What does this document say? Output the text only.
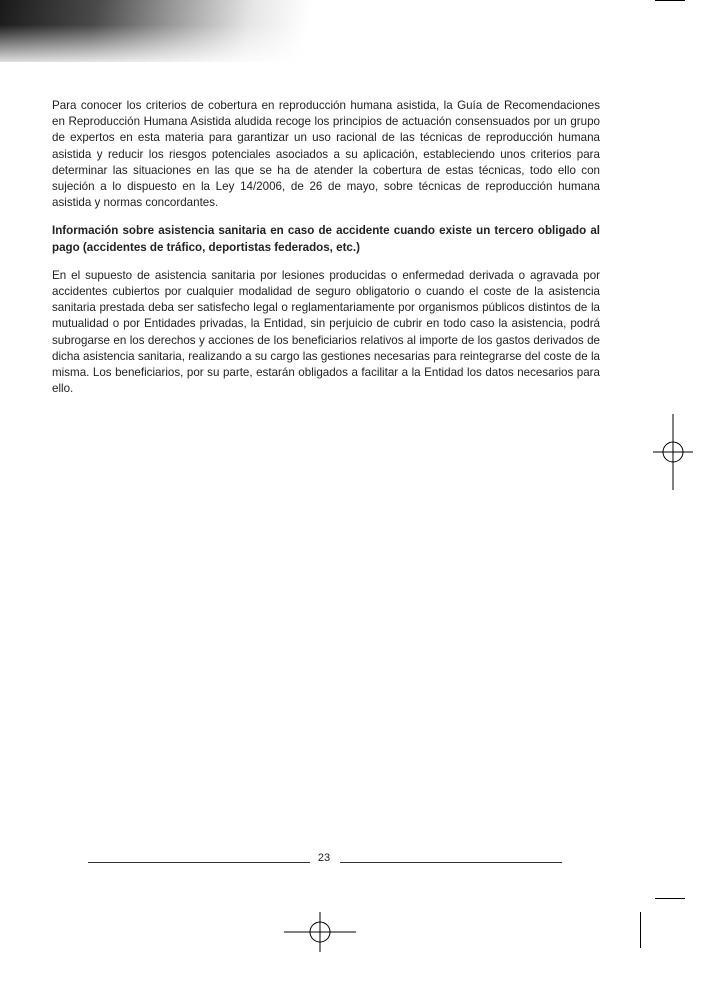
Para conocer los criterios de cobertura en reproducción humana asistida, la Guía de Recomendaciones en Reproducción Humana Asistida aludida recoge los principios de actuación consensuados por un grupo de expertos en esta materia para garantizar un uso racional de las técnicas de reproducción humana asistida y reducir los riesgos potenciales asociados a su aplicación, estableciendo unos criterios para determinar las situaciones en las que se ha de atender la cobertura de estas técnicas, todo ello con sujeción a lo dispuesto en la Ley 14/2006, de 26 de mayo, sobre técnicas de reproducción humana asistida y normas concordantes.

Información sobre asistencia sanitaria en caso de accidente cuando existe un tercero obligado al pago (accidentes de tráfico, deportistas federados, etc.)

En el supuesto de asistencia sanitaria por lesiones producidas o enfermedad derivada o agravada por accidentes cubiertos por cualquier modalidad de seguro obligatorio o cuando el coste de la asistencia sanitaria prestada deba ser satisfecho legal o reglamentariamente por organismos públicos distintos de la mutualidad o por Entidades privadas, la Entidad, sin perjuicio de cubrir en todo caso la asistencia, podrá subrogarse en los derechos y acciones de los beneficiarios relativos al importe de los gastos derivados de dicha asistencia sanitaria, realizando a su cargo las gestiones necesarias para reintegrarse del coste de la misma. Los beneficiarios, por su parte, estarán obligados a facilitar a la Entidad los datos necesarios para ello.

23
